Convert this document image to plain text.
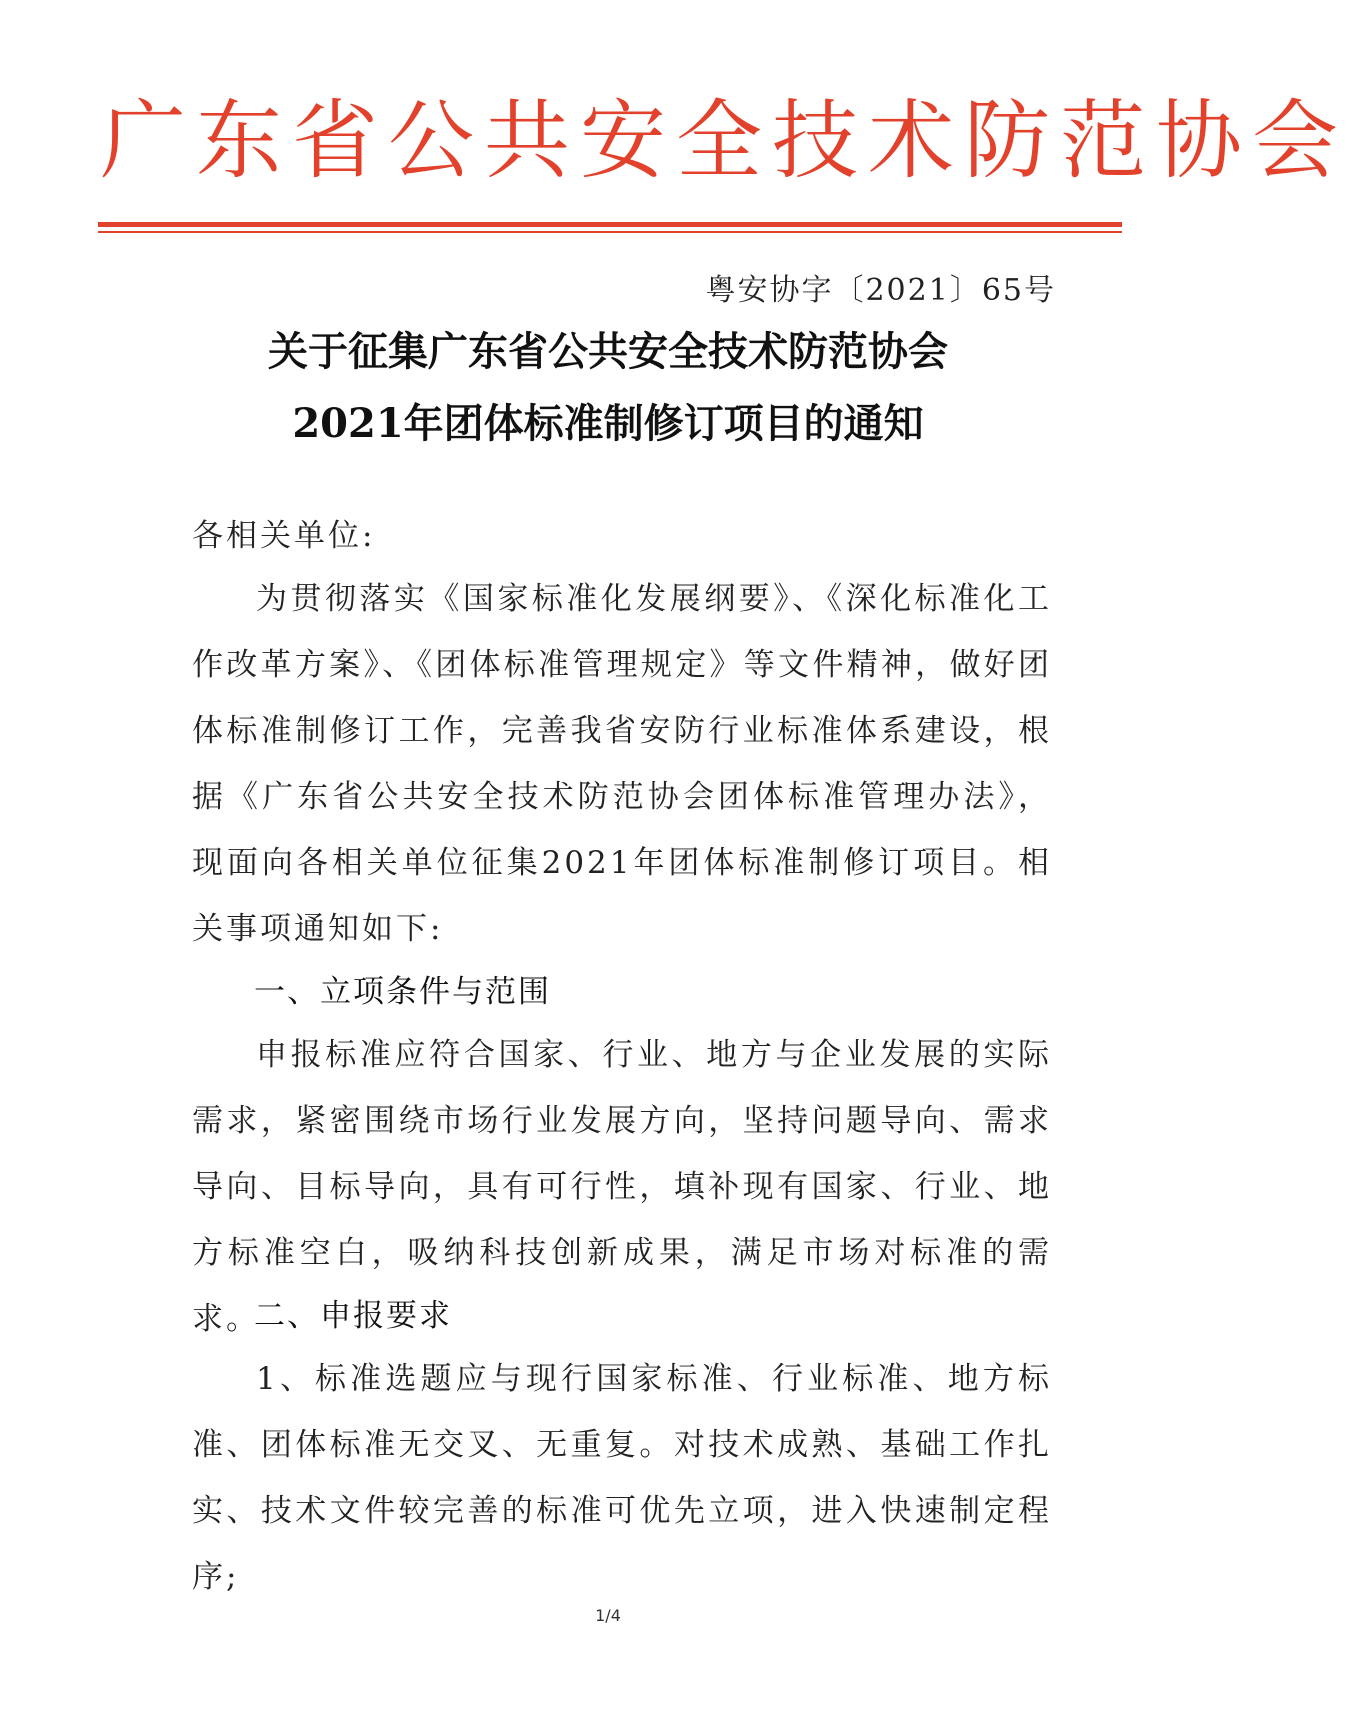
广东省公共安全技术防范协会
粤安协字〔2021〕65号
关于征集广东省公共安全技术防范协会
2021年团体标准制修订项目的通知
各相关单位:
为贯彻落实《国家标准化发展纲要》、《深化标准化工作改革方案》、《团体标准管理规定》等文件精神，做好团体标准制修订工作，完善我省安防行业标准体系建设，根据《广东省公共安全技术防范协会团体标准管理办法》，现面向各相关单位征集2021年团体标准制修订项目。相关事项通知如下:
一、立项条件与范围
申报标准应符合国家、行业、地方与企业发展的实际需求，紧密围绕市场行业发展方向，坚持问题导向、需求导向、目标导向，具有可行性，填补现有国家、行业、地方标准空白，吸纳科技创新成果，满足市场对标准的需求。
二、申报要求
1、标准选题应与现行国家标准、行业标准、地方标准、团体标准无交叉、无重复。对技术成熟、基础工作扎实、技术文件较完善的标准可优先立项，进入快速制定程序;
1/4
